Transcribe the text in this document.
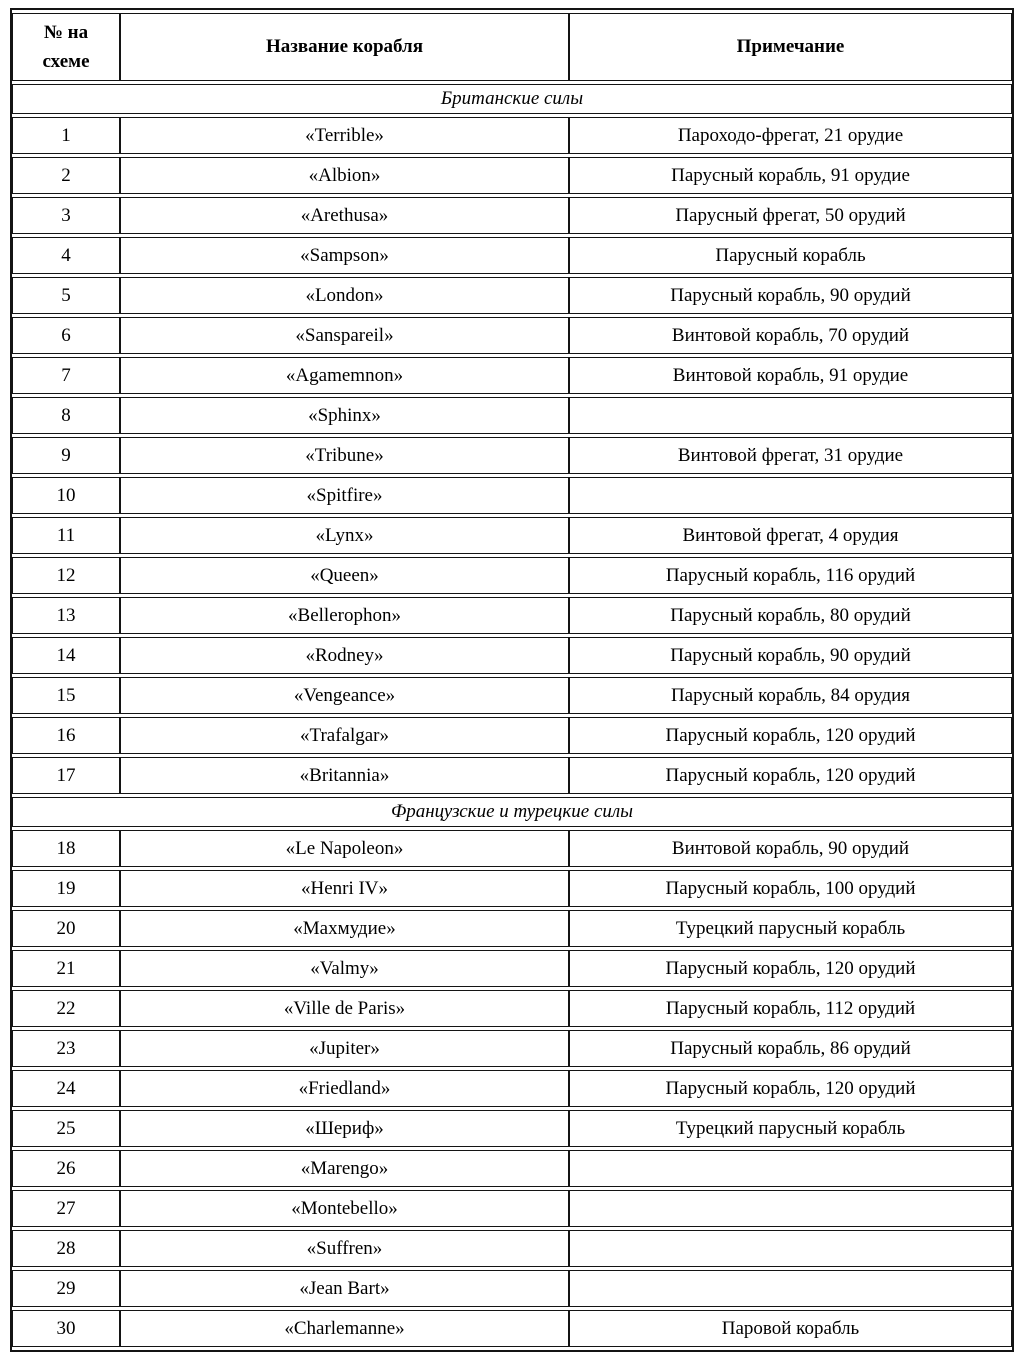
№ на схеме	Название корабля	Примечание
Британские силы		
1	«Terrible»	Пароходо-фрегат, 21 орудие
2	«Albion»	Парусный корабль, 91 орудие
3	«Arethusa»	Парусный фрегат, 50 орудий
4	«Sampson»	Парусный корабль
5	«London»	Парусный корабль, 90 орудий
6	«Sanspareil»	Винтовой корабль, 70 орудий
7	«Agamemnon»	Винтовой корабль, 91 орудие
8	«Sphinx»	
9	«Tribune»	Винтовой фрегат, 31 орудие
10	«Spitfire»	
11	«Lynx»	Винтовой фрегат, 4 орудия
12	«Queen»	Парусный корабль, 116 орудий
13	«Bellerophon»	Парусный корабль, 80 орудий
14	«Rodney»	Парусный корабль, 90 орудий
15	«Vengeance»	Парусный корабль, 84 орудия
16	«Trafalgar»	Парусный корабль, 120 орудий
17	«Britannia»	Парусный корабль, 120 орудий
Французские и турецкие силы		
18	«Le Napoleon»	Винтовой корабль, 90 орудий
19	«Henri IV»	Парусный корабль, 100 орудий
20	«Махмудие»	Турецкий парусный корабль
21	«Valmy»	Парусный корабль, 120 орудий
22	«Ville de Paris»	Парусный корабль, 112 орудий
23	«Jupiter»	Парусный корабль, 86 орудий
24	«Friedland»	Парусный корабль, 120 орудий
25	«Шериф»	Турецкий парусный корабль
26	«Marengo»	
27	«Montebello»	
28	«Suffren»	
29	«Jean Bart»	
30	«Charlemanne»	Паровой корабль
